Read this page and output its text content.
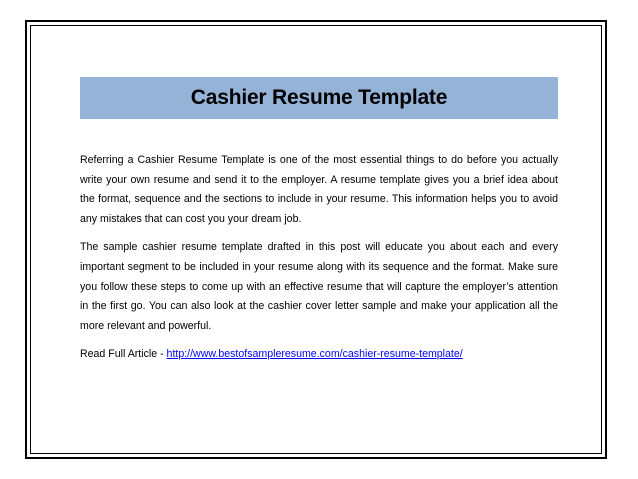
Cashier Resume Template

Referring a Cashier Resume Template is one of the most essential things to do before you actually write your own resume and send it to the employer. A resume template gives you a brief idea about the format, sequence and the sections to include in your resume. This information helps you to avoid any mistakes that can cost you your dream job.

The sample cashier resume template drafted in this post will educate you about each and every important segment to be included in your resume along with its sequence and the format. Make sure you follow these steps to come up with an effective resume that will capture the employer’s attention in the first go. You can also look at the cashier cover letter sample and make your application all the more relevant and powerful.

Read Full Article - http://www.bestofsampleresume.com/cashier-resume-template/
